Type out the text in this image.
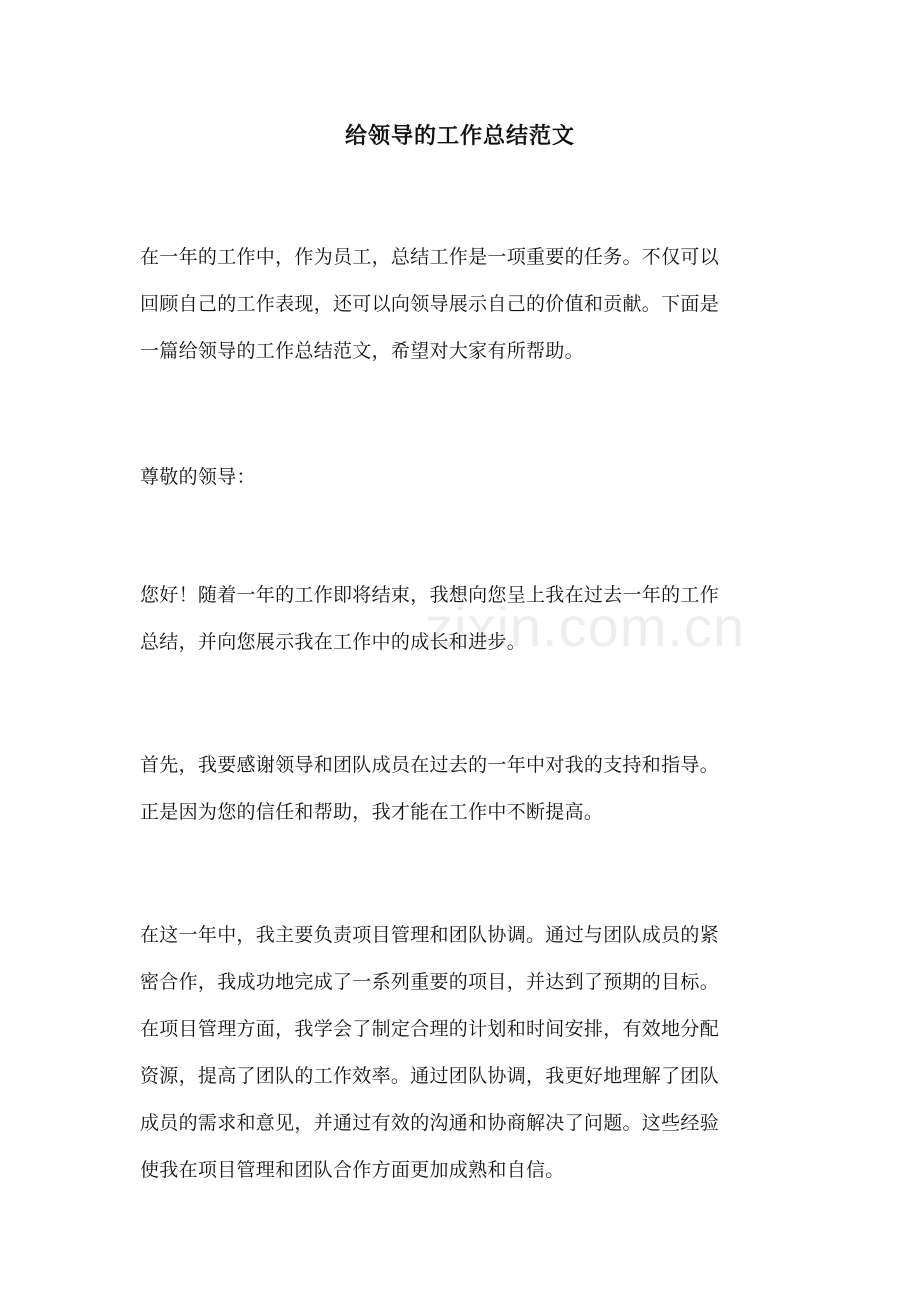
给领导的工作总结范文

在一年的工作中，作为员工，总结工作是一项重要的任务。不仅可以
回顾自己的工作表现，还可以向领导展示自己的价值和贡献。下面是
一篇给领导的工作总结范文，希望对大家有所帮助。

尊敬的领导：

您好！随着一年的工作即将结束，我想向您呈上我在过去一年的工作
总结，并向您展示我在工作中的成长和进步。

首先，我要感谢领导和团队成员在过去的一年中对我的支持和指导。
正是因为您的信任和帮助，我才能在工作中不断提高。

在这一年中，我主要负责项目管理和团队协调。通过与团队成员的紧
密合作，我成功地完成了一系列重要的项目，并达到了预期的目标。
在项目管理方面，我学会了制定合理的计划和时间安排，有效地分配
资源，提高了团队的工作效率。通过团队协调，我更好地理解了团队
成员的需求和意见，并通过有效的沟通和协商解决了问题。这些经验
使我在项目管理和团队合作方面更加成熟和自信。

zixin.com.cn
